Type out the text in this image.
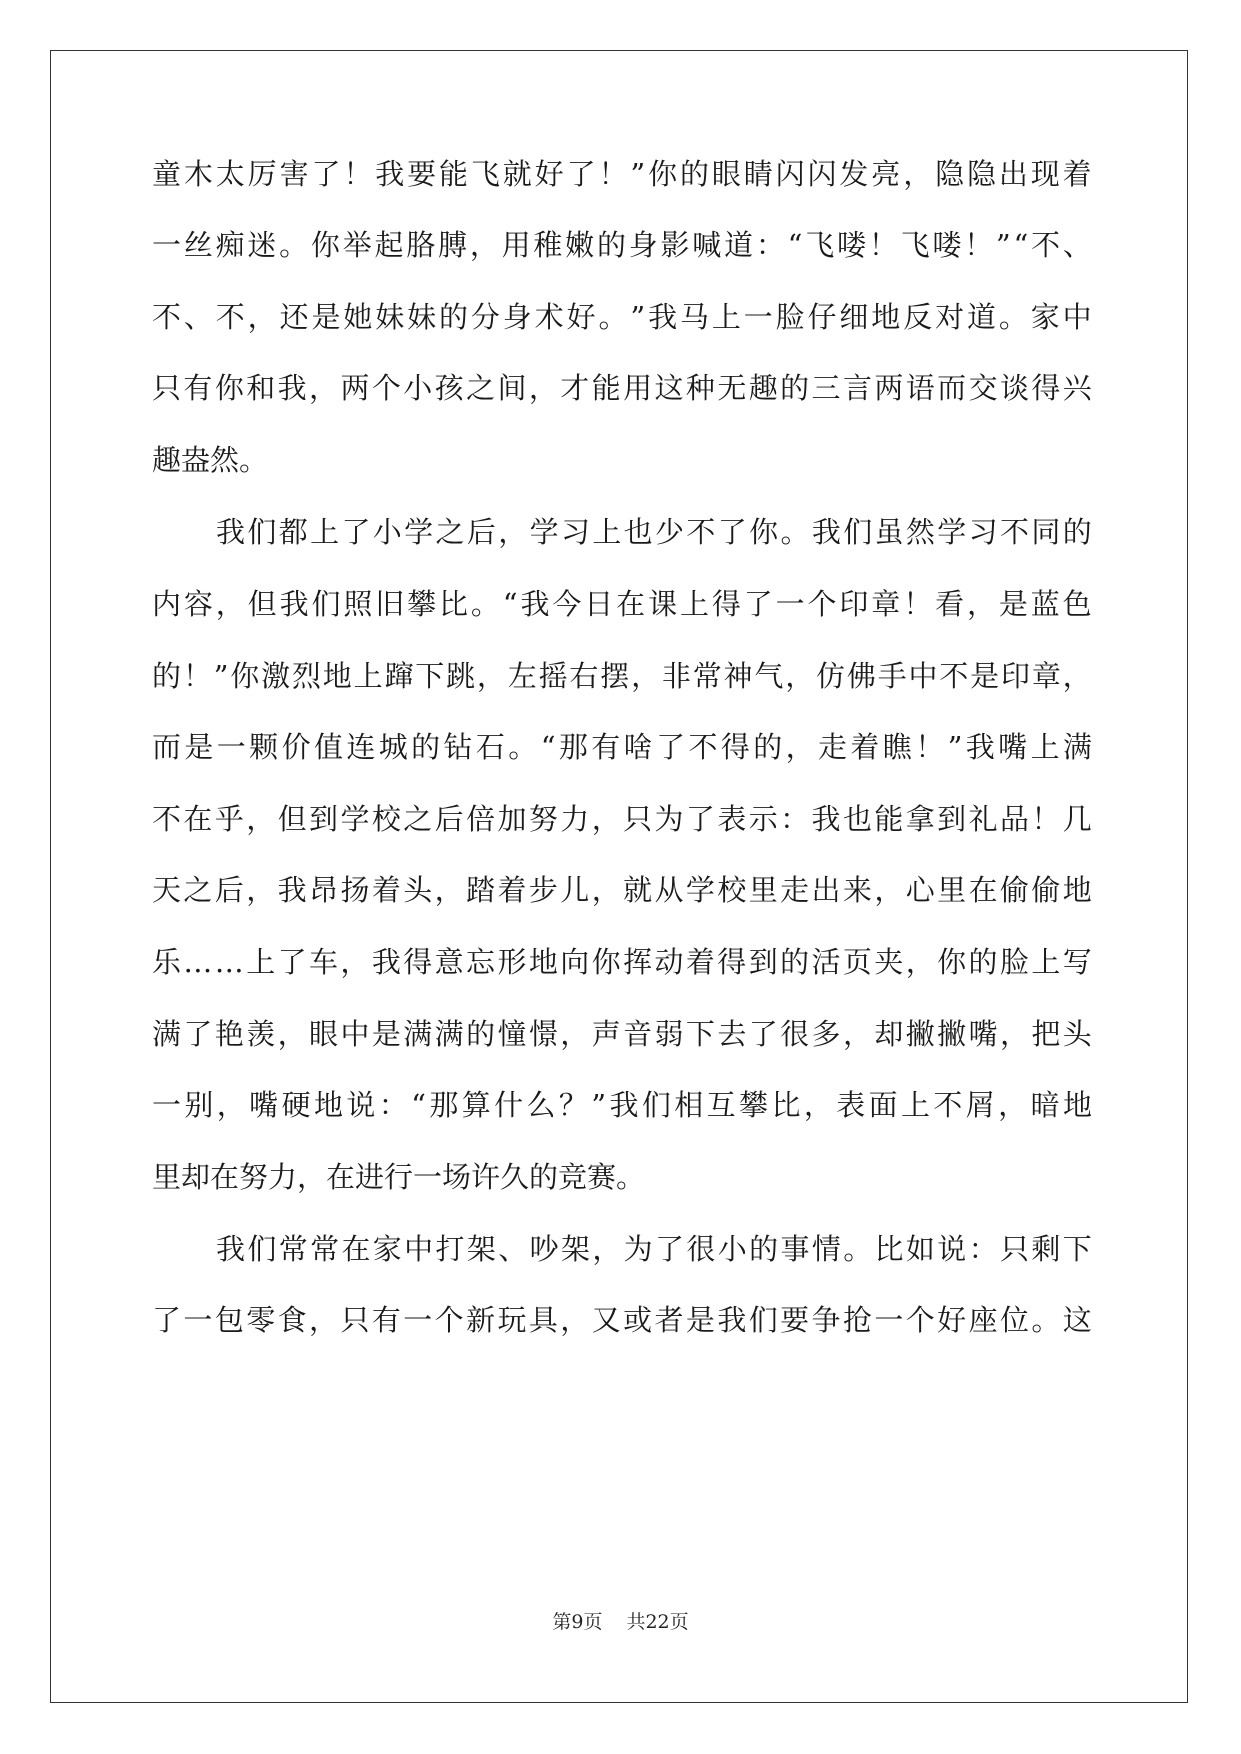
童 木 太 厉 害 了 ！ 我 要 能 飞 就 好 了 ！ ” 你 的 眼 睛 闪 闪 发 亮 ， 隐 隐 出 现 着
一 丝 痴 迷 。 你 举 起 胳 膊 ， 用 稚 嫩 的 身 影 喊 道 ： “ 飞 喽 ！ 飞 喽 ！ ” “ 不 、
不 、 不 ， 还 是 她 妹 妹 的 分 身 术 好 。 ” 我 马 上 一 脸 仔 细 地 反 对 道 。 家 中
只 有 你 和 我 ， 两 个 小 孩 之 间 ， 才 能 用 这 种 无 趣 的 三 言 两 语 而 交 谈 得 兴
趣盎然。
我 们 都 上 了 小 学 之 后 ， 学 习 上 也 少 不 了 你 。 我 们 虽 然 学 习 不 同 的
内 容 ， 但 我 们 照 旧 攀 比 。 “ 我 今 日 在 课 上 得 了 一 个 印 章 ！ 看 ， 是 蓝 色
的 ！ ” 你 激 烈 地 上 蹿 下 跳 ， 左 摇 右 摆 ， 非 常 神 气 ， 仿 佛 手 中 不 是 印 章 ，
而 是 一 颗 价 值 连 城 的 钻 石 。 “ 那 有 啥 了 不 得 的 ， 走 着 瞧 ！ ” 我 嘴 上 满
不 在 乎 ， 但 到 学 校 之 后 倍 加 努 力 ， 只 为 了 表 示 ： 我 也 能 拿 到 礼 品 ！ 几
天 之 后 ， 我 昂 扬 着 头 ， 踏 着 步 儿 ， 就 从 学 校 里 走 出 来 ， 心 里 在 偷 偷 地
乐 … … 上 了 车 ， 我 得 意 忘 形 地 向 你 挥 动 着 得 到 的 活 页 夹 ， 你 的 脸 上 写
满 了 艳 羡 ， 眼 中 是 满 满 的 憧 憬 ， 声 音 弱 下 去 了 很 多 ， 却 撇 撇 嘴 ， 把 头
一 别 ， 嘴 硬 地 说 ： “ 那 算 什 么 ？ ” 我 们 相 互 攀 比 ， 表 面 上 不 屑 ， 暗 地
里却在努力，在进行一场许久的竞赛。
我 们 常 常 在 家 中 打 架 、 吵 架 ， 为 了 很 小 的 事 情 。 比 如 说 ： 只 剩 下
了 一 包 零 食 ， 只 有 一 个 新 玩 具 ， 又 或 者 是 我 们 要 争 抢 一 个 好 座 位 。 这
第9页 共22页
